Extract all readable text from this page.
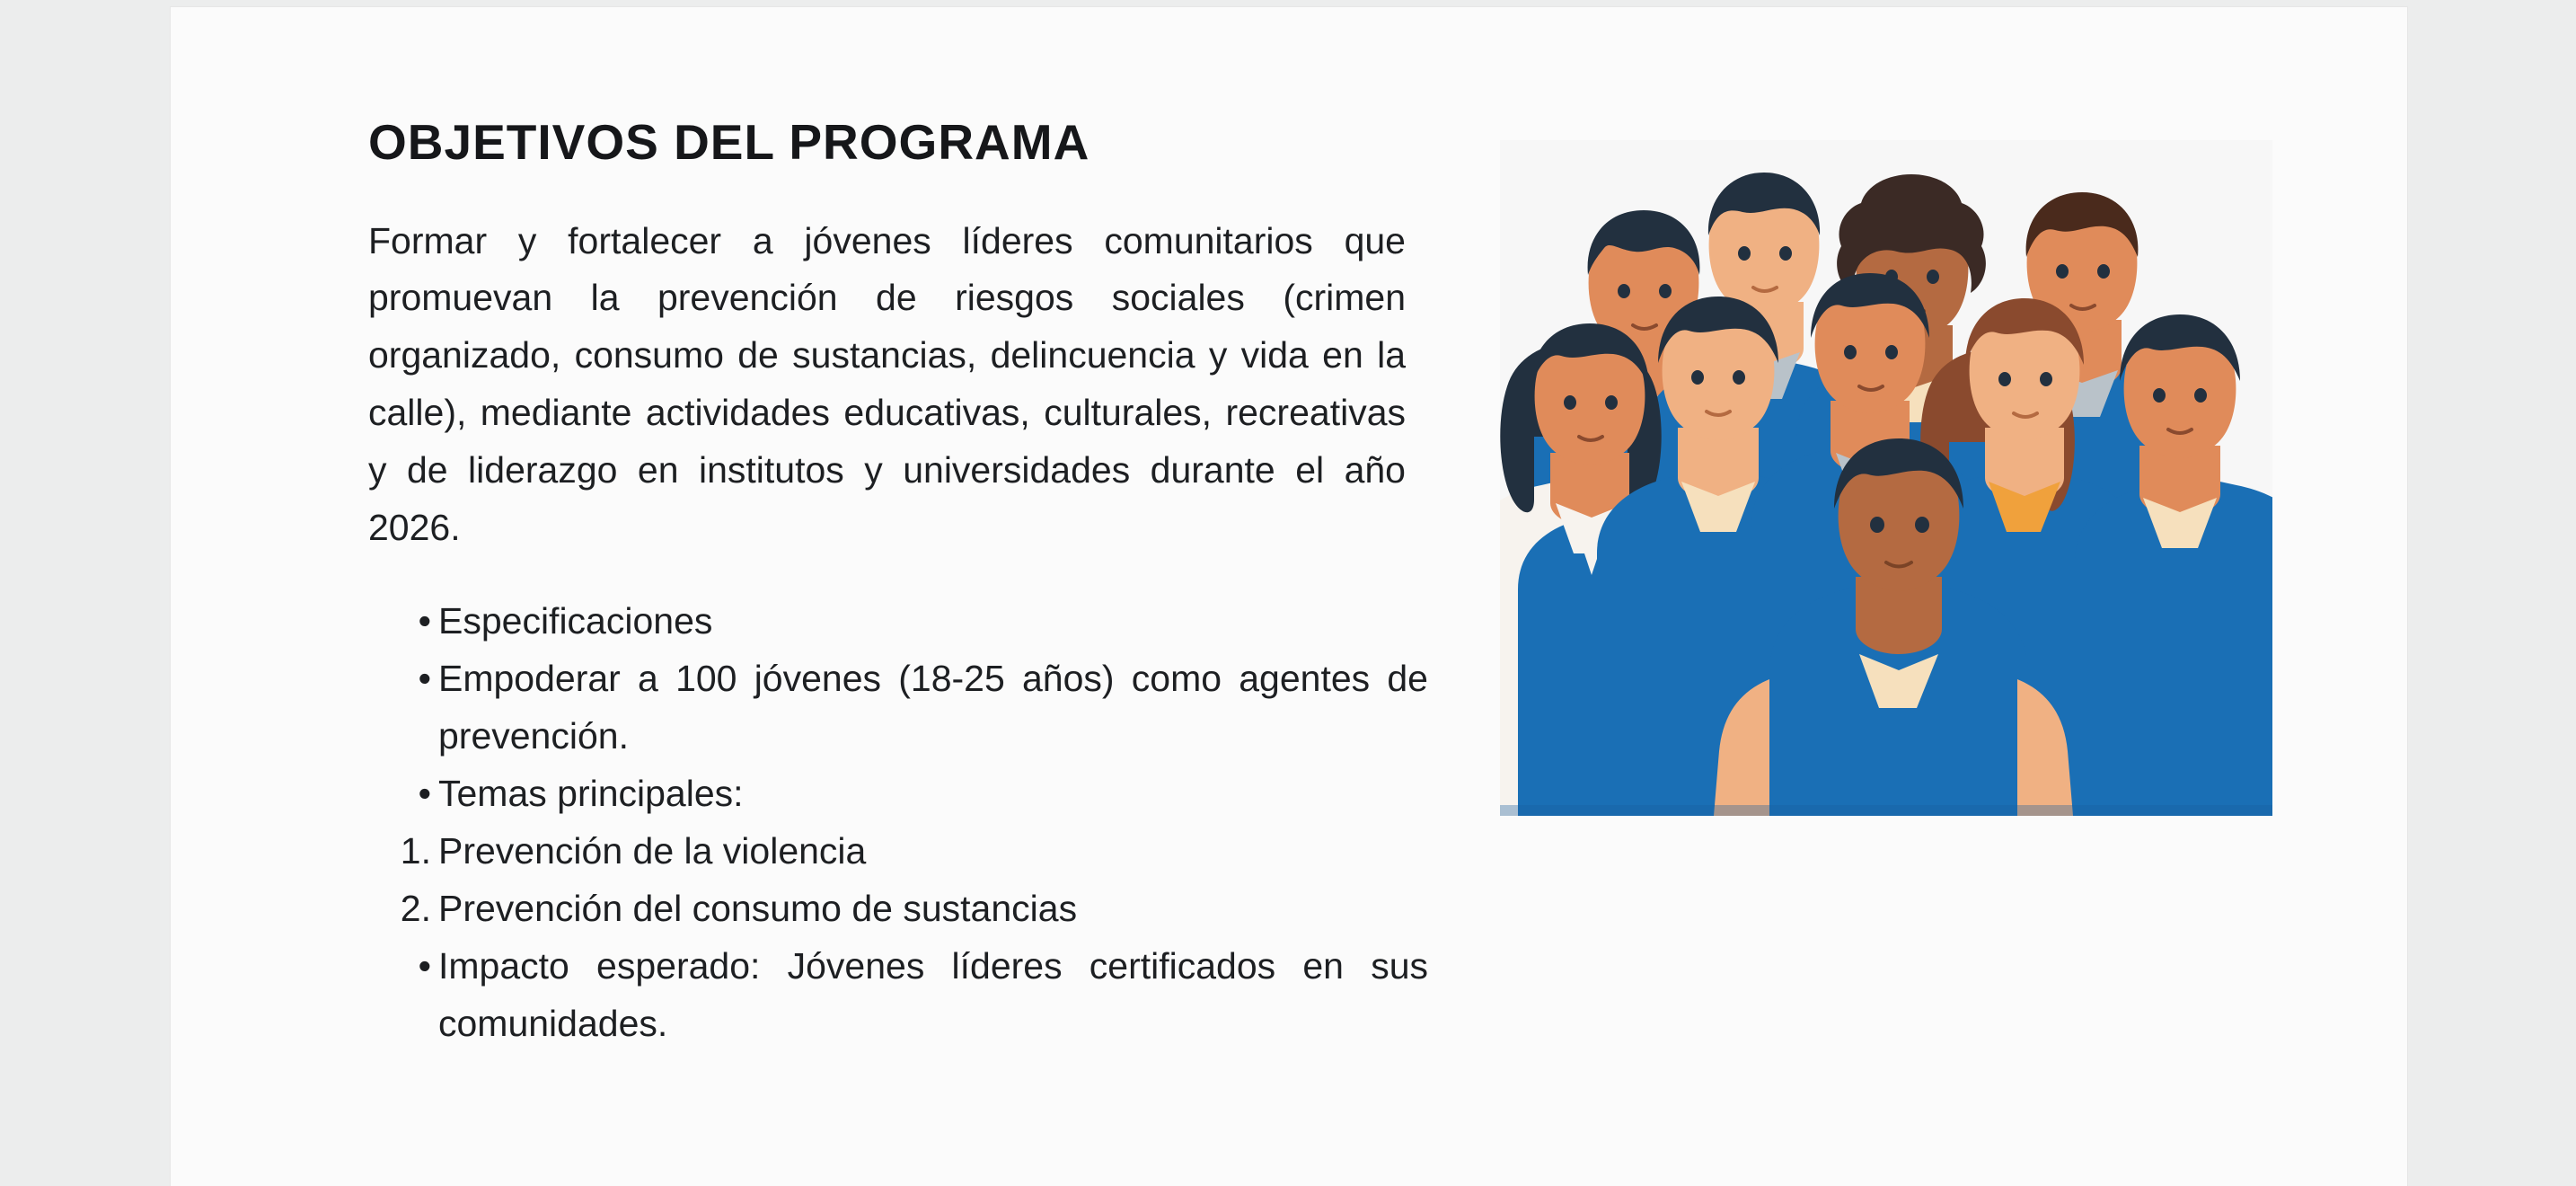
OBJETIVOS DEL PROGRAMA

Formar y fortalecer a jóvenes líderes comunitarios que promuevan la prevención de riesgos sociales (crimen organizado, consumo de sustancias, delincuencia y vida en la calle), mediante actividades educativas, culturales, recreativas y de liderazgo en institutos y universidades durante el año 2026.

• Especificaciones
• Empoderar a 100 jóvenes (18-25 años) como agentes de prevención.
• Temas principales:
1. Prevención de la violencia
2. Prevención del consumo de sustancias
• Impacto esperado: Jóvenes líderes certificados en sus comunidades.
